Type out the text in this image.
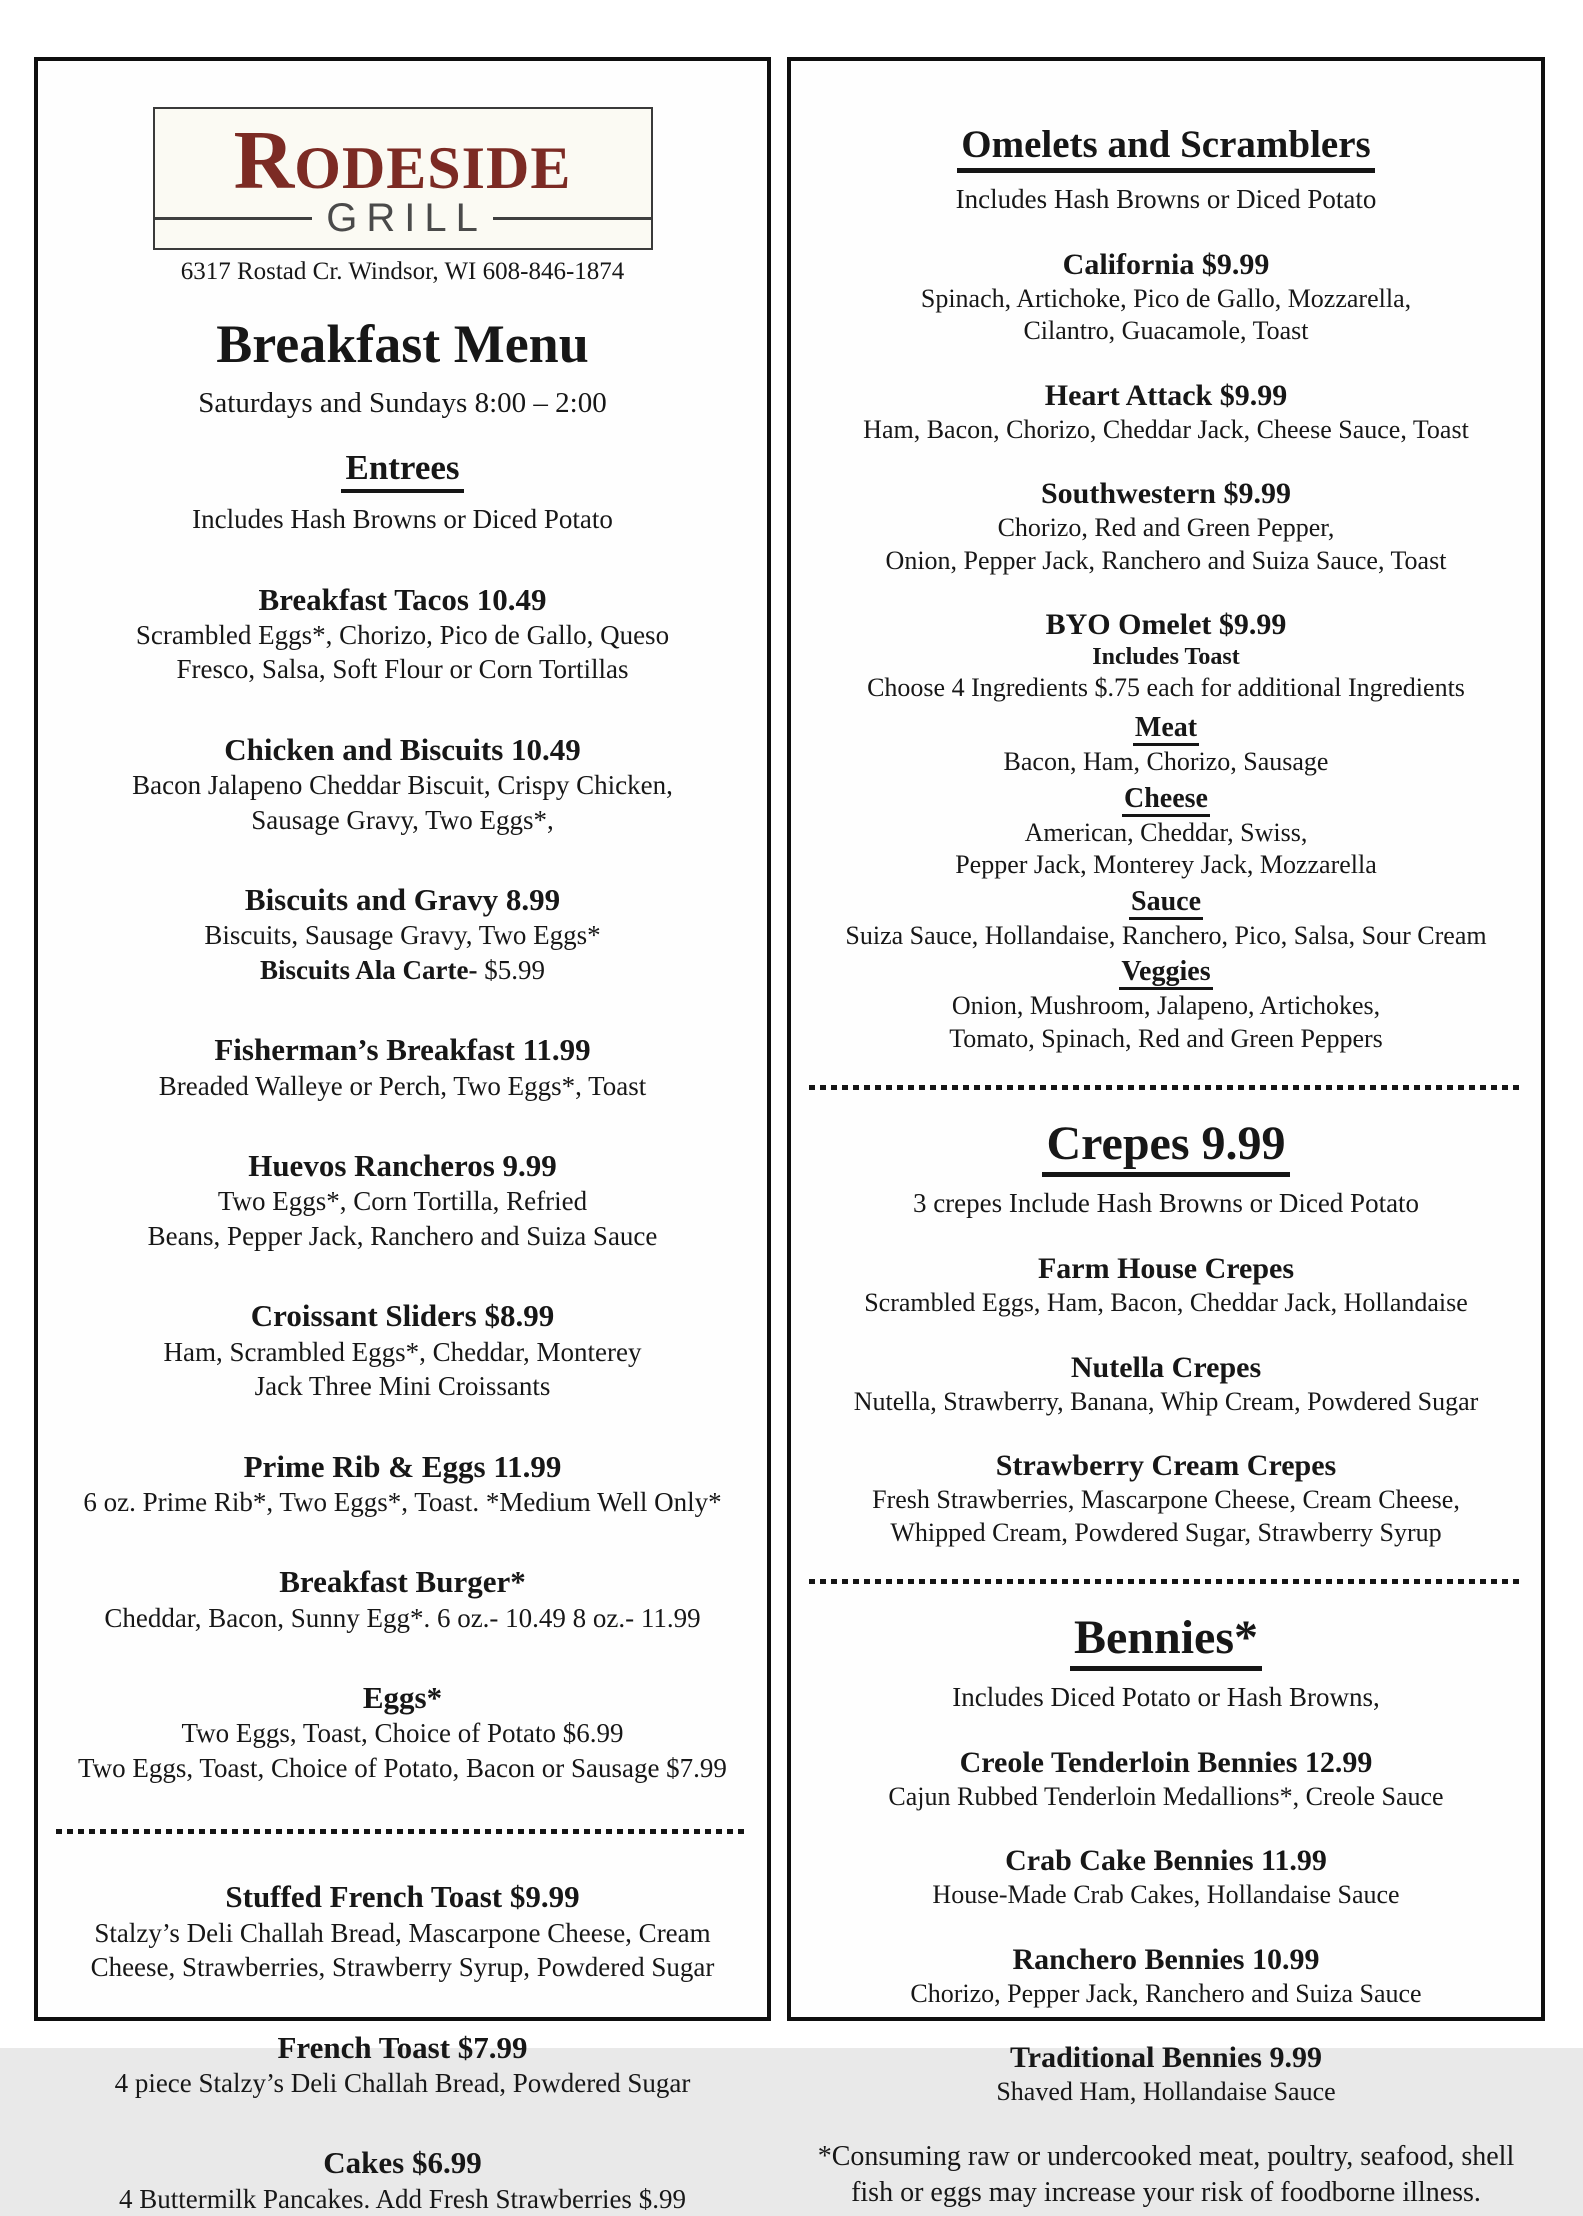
RODESIDE
GRILL
6317 Rostad Cr. Windsor, WI 608-846-1874
Breakfast Menu
Saturdays and Sundays 8:00 – 2:00
Entrees
Includes Hash Browns or Diced Potato
Breakfast Tacos 10.49
Scrambled Eggs*, Chorizo, Pico de Gallo, Queso
Fresco, Salsa, Soft Flour or Corn Tortillas
Chicken and Biscuits 10.49
Bacon Jalapeno Cheddar Biscuit, Crispy Chicken,
Sausage Gravy, Two Eggs*,
Biscuits and Gravy 8.99
Biscuits, Sausage Gravy, Two Eggs*
Biscuits Ala Carte- $5.99
Fisherman’s Breakfast 11.99
Breaded Walleye or Perch, Two Eggs*, Toast
Huevos Rancheros 9.99
Two Eggs*, Corn Tortilla, Refried
Beans, Pepper Jack, Ranchero and Suiza Sauce
Croissant Sliders $8.99
Ham, Scrambled Eggs*, Cheddar, Monterey
Jack Three Mini Croissants
Prime Rib & Eggs 11.99
6 oz. Prime Rib*, Two Eggs*, Toast. *Medium Well Only*
Breakfast Burger*
Cheddar, Bacon, Sunny Egg*. 6 oz.- 10.49 8 oz.- 11.99
Eggs*
Two Eggs, Toast, Choice of Potato $6.99
Two Eggs, Toast, Choice of Potato, Bacon or Sausage $7.99
Stuffed French Toast $9.99
Stalzy’s Deli Challah Bread, Mascarpone Cheese, Cream
Cheese, Strawberries, Strawberry Syrup, Powdered Sugar
French Toast $7.99
4 piece Stalzy’s Deli Challah Bread, Powdered Sugar
Cakes $6.99
4 Buttermilk Pancakes. Add Fresh Strawberries $.99
Omelets and Scramblers
Includes Hash Browns or Diced Potato
California $9.99
Spinach, Artichoke, Pico de Gallo, Mozzarella,
Cilantro, Guacamole, Toast
Heart Attack $9.99
Ham, Bacon, Chorizo, Cheddar Jack, Cheese Sauce, Toast
Southwestern $9.99
Chorizo, Red and Green Pepper,
Onion, Pepper Jack, Ranchero and Suiza Sauce, Toast
BYO Omelet $9.99
Includes Toast
Choose 4 Ingredients $.75 each for additional Ingredients
Meat
Bacon, Ham, Chorizo, Sausage
Cheese
American, Cheddar, Swiss,
Pepper Jack, Monterey Jack, Mozzarella
Sauce
Suiza Sauce, Hollandaise, Ranchero, Pico, Salsa, Sour Cream
Veggies
Onion, Mushroom, Jalapeno, Artichokes,
Tomato, Spinach, Red and Green Peppers
Crepes 9.99
3 crepes Include Hash Browns or Diced Potato
Farm House Crepes
Scrambled Eggs, Ham, Bacon, Cheddar Jack, Hollandaise
Nutella Crepes
Nutella, Strawberry, Banana, Whip Cream, Powdered Sugar
Strawberry Cream Crepes
Fresh Strawberries, Mascarpone Cheese, Cream Cheese,
Whipped Cream, Powdered Sugar, Strawberry Syrup
Bennies*
Includes Diced Potato or Hash Browns,
Creole Tenderloin Bennies 12.99
Cajun Rubbed Tenderloin Medallions*, Creole Sauce
Crab Cake Bennies 11.99
House-Made Crab Cakes, Hollandaise Sauce
Ranchero Bennies 10.99
Chorizo, Pepper Jack, Ranchero and Suiza Sauce
Traditional Bennies 9.99
Shaved Ham, Hollandaise Sauce
*Consuming raw or undercooked meat, poultry, seafood, shell
fish or eggs may increase your risk of foodborne illness.
